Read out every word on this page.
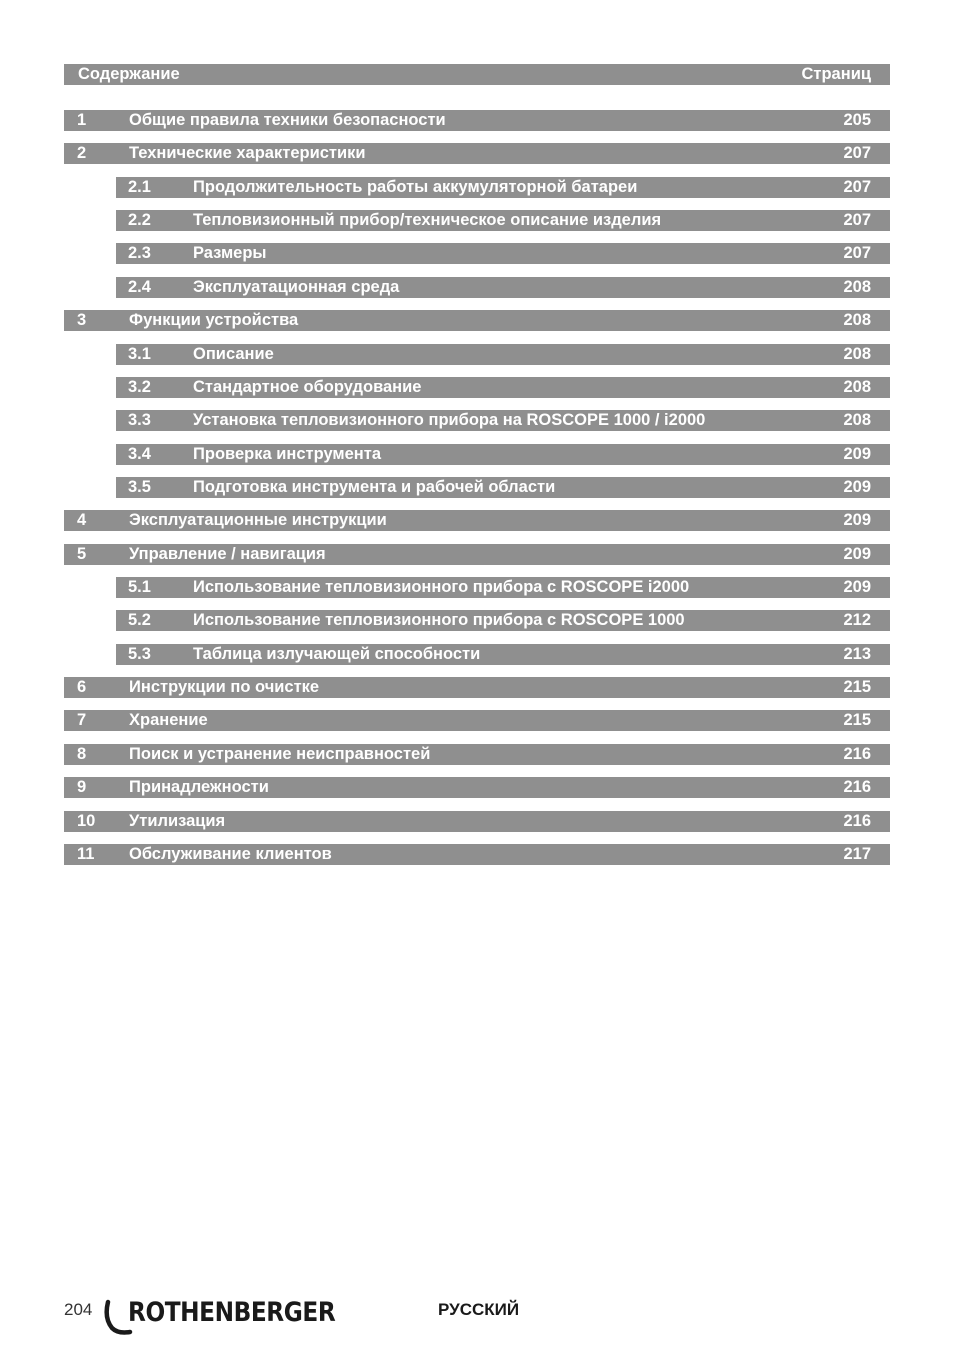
Содержание	Страниц
1	Общие правила техники безопасности	205
2	Технические характеристики	207
2.1	Продолжительность работы аккумуляторной батареи	207
2.2	Тепловизионный прибор/техническое описание изделия	207
2.3	Размеры	207
2.4	Эксплуатационная среда	208
3	Функции устройства	208
3.1	Описание	208
3.2	Стандартное оборудование	208
3.3	Установка тепловизионного прибора на ROSCOPE 1000 / i2000	208
3.4	Проверка инструмента	209
3.5	Подготовка инструмента и рабочей области	209
4	Эксплуатационные инструкции	209
5	Управление / навигация	209
5.1	Использование тепловизионного прибора с ROSCOPE i2000	209
5.2	Использование тепловизионного прибора с ROSCOPE 1000	212
5.3	Таблица излучающей способности	213
6	Инструкции по очистке	215
7	Хранение	215
8	Поиск и устранение неисправностей	216
9	Принадлежности	216
10 Утилизация	216
11 Обслуживание клиентов	217
204 ROTHENBERGER	РУССКИЙ
